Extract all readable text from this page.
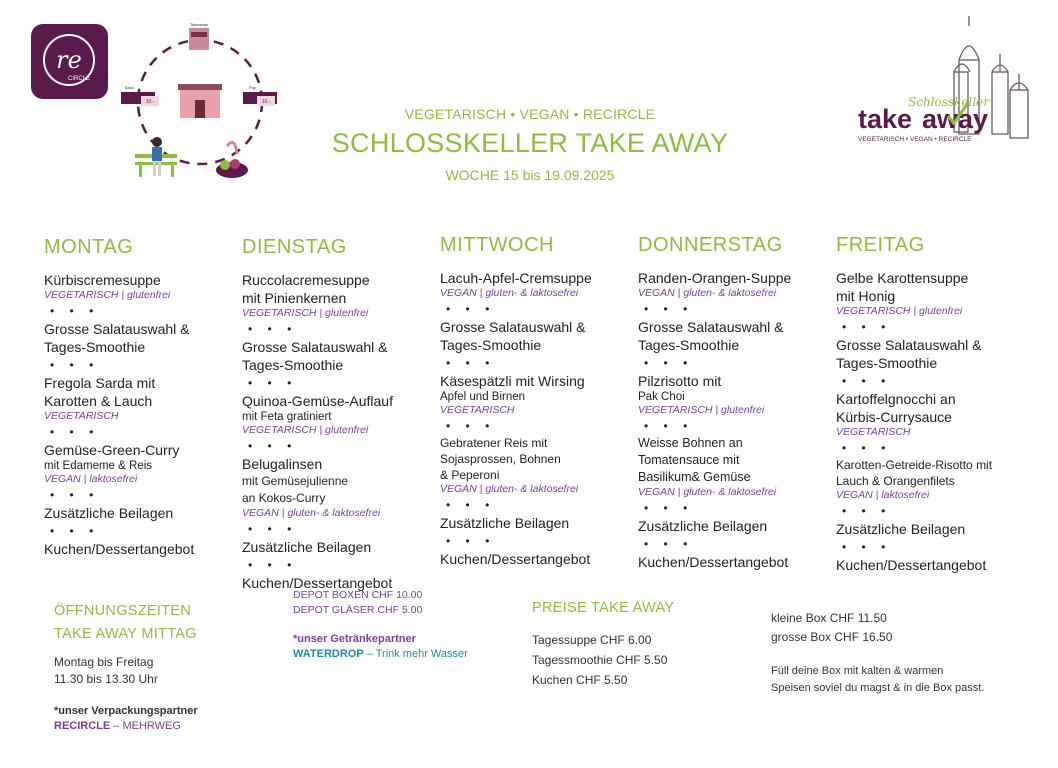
re
CIRCLE
Takeaway
10.-
Back
10.-
Pay
VEGETARISCH • VEGAN • RECIRCLE
SCHLOSSKELLER TAKE AWAY
WOCHE 15 bis 19.09.2025
Schlosskeller
take away
VEGETARISCH • VEGAN • RECIRCLE
MONTAG
Kürbiscremesuppe
VEGETARISCH | glutenfrei
• • •
Grosse Salatauswahl & Tages-Smoothie
• • •
Fregola Sarda mit Karotten & Lauch
VEGETARISCH
• • •
Gemüse-Green-Curry
mit Edameme & Reis
VEGAN | laktosefrei
• • •
Zusätzliche Beilagen
• • •
Kuchen/Dessertangebot
DIENSTAG
Ruccolacremesuppe mit Pinienkernen
VEGETARISCH | glutenfrei
• • •
Grosse Salatauswahl & Tages-Smoothie
• • •
Quinoa-Gemüse-Auflauf
mit Feta gratiniert
VEGETARISCH | glutenfrei
• • •
Belugalinsen
mit Gemüsejulienne an Kokos-Curry
VEGAN | gluten- & laktosefrei
• • •
Zusätzliche Beilagen
• • •
Kuchen/Dessertangebot
MITTWOCH
Lacuh-Apfel-Cremsuppe
VEGAN | gluten- & laktosefrei
• • •
Grosse Salatauswahl & Tages-Smoothie
• • •
Käsespätzli mit Wirsing
Apfel und Birnen
VEGETARISCH
• • •
Gebratener Reis mit Sojasprossen, Bohnen & Peperoni
VEGAN | gluten- & laktosefrei
• • •
Zusätzliche Beilagen
• • •
Kuchen/Dessertangebot
DONNERSTAG
Randen-Orangen-Suppe
VEGAN | gluten- & laktosefrei
• • •
Grosse Salatauswahl & Tages-Smoothie
• • •
Pilzrisotto mit
Pak Choi
VEGETARISCH | glutenfrei
• • •
Weisse Bohnen an Tomatensauce mit Basilikum& Gemüse
VEGAN | gluten- & laktosefrei
• • •
Zusätzliche Beilagen
• • •
Kuchen/Dessertangebot
FREITAG
Gelbe Karottensuppe mit Honig
VEGETARISCH | glutenfrei
• • •
Grosse Salatauswahl & Tages-Smoothie
• • •
Kartoffelgnocchi an Kürbis-Currysauce
VEGETARISCH
• • •
Karotten-Getreide-Risotto mit Lauch & Orangenfilets
VEGAN | laktosefrei
• • •
Zusätzliche Beilagen
• • •
Kuchen/Dessertangebot
ÖFFNUNGSZEITEN
TAKE AWAY MITTAG
Montag bis Freitag
11.30 bis 13.30 Uhr
*unser Verpackungspartner
RECIRCLE – MEHRWEG
DEPOT BOXEN CHF 10.00
DEPOT GLÄSER CHF 5.00
*unser Getränkepartner
WATERDROP – Trink mehr Wasser
PREISE TAKE AWAY
Tagessuppe CHF 6.00
Tagessmoothie CHF 5.50
Kuchen CHF 5.50
kleine Box CHF 11.50
grosse Box CHF 16.50
Füll deine Box mit kalten & warmen
Speisen soviel du magst & in die Box passt.
